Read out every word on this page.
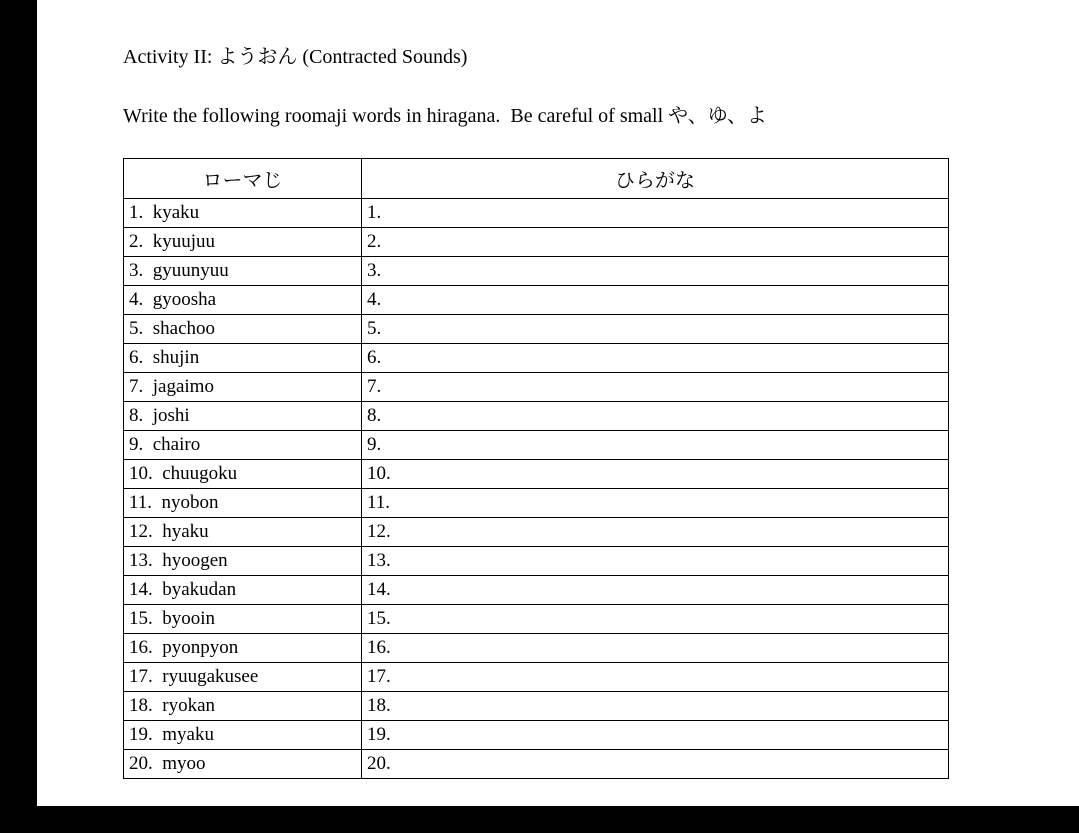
Activity II: ようおん (Contracted Sounds)

Write the following roomaji words in hiragana.  Be careful of small や、ゆ、よ

ローマじ	ひらがな
1.  kyaku	1.
2.  kyuujuu	2.
3.  gyuunyuu	3.
4.  gyoosha	4.
5.  shachoo	5.
6.  shujin	6.
7.  jagaimo	7.
8.  joshi	8.
9.  chairo	9.
10.  chuugoku	10.
11.  nyobon	11.
12.  hyaku	12.
13.  hyoogen	13.
14.  byakudan	14.
15.  byooin	15.
16.  pyonpyon	16.
17.  ryuugakusee	17.
18.  ryokan	18.
19.  myaku	19.
20.  myoo	20.
